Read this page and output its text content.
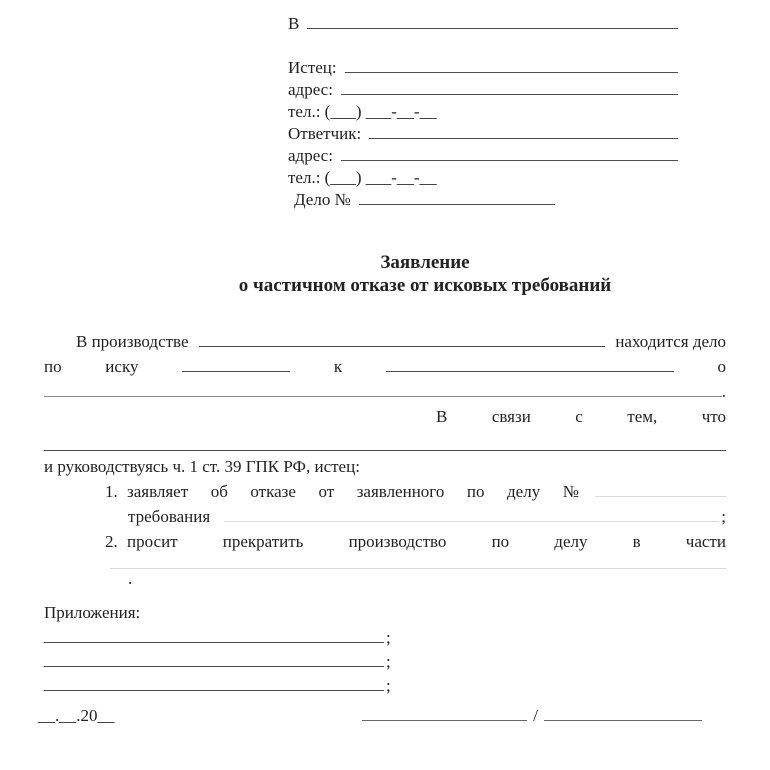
В
Истец:
адрес:
тел.: (___) ___-__-__
Ответчик:
адрес:
тел.: (___) ___-__-__
Дело №
Заявление
о частичном отказе от исковых требований
В производстве	находится дело
по	иску	к	о
.
В	связи	с	тем,	что
и руководствуясь ч. 1 ст. 39 ГПК РФ, истец:
1. заявляет об отказе от заявленного по делу №
требования	;
2. просит	прекратить	производство	по	делу	в	части
.
Приложения:
;
;
;
__.__.20__	/
